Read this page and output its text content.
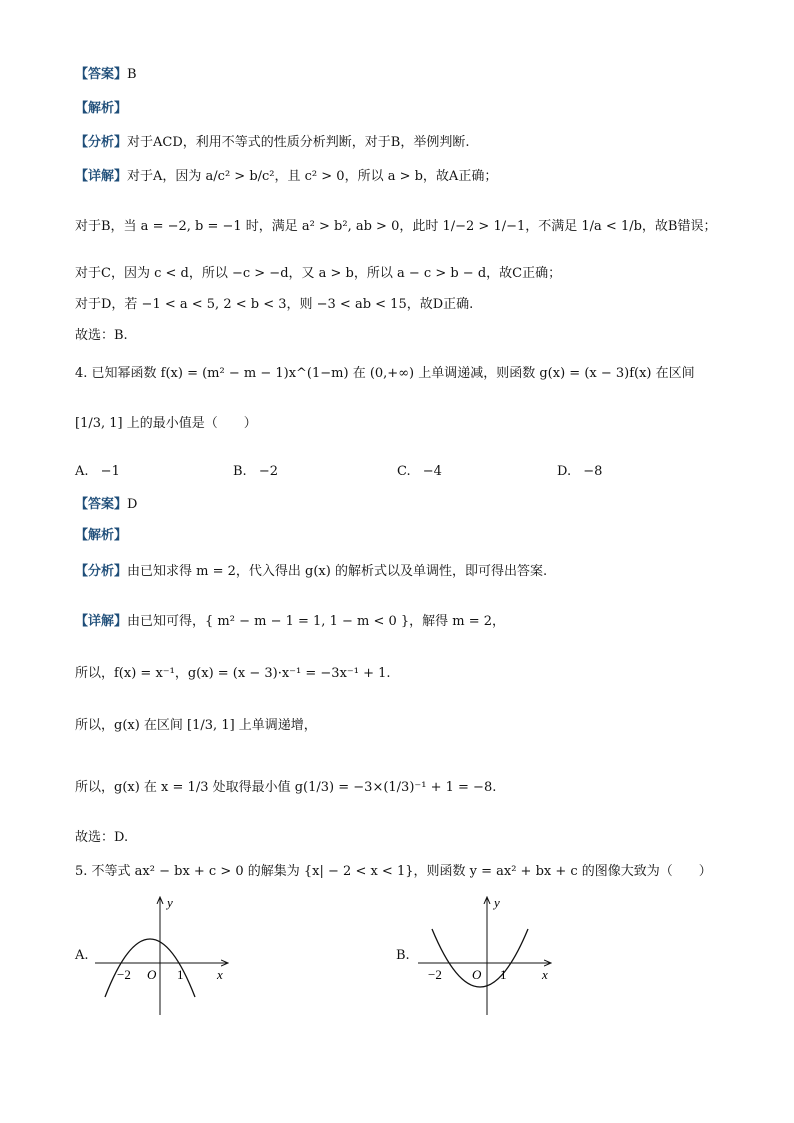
【答案】B
【解析】
【分析】对于ACD，利用不等式的性质分析判断，对于B，举例判断.
【详解】对于A，因为 a/c² > b/c²，且 c² > 0，所以 a > b，故A正确；
对于B，当 a = −2, b = −1 时，满足 a² > b², ab > 0，此时 1/−2 > 1/−1，不满足 1/a < 1/b，故B错误；
对于C，因为 c < d，所以 −c > −d，又 a > b，所以 a − c > b − d，故C正确；
对于D，若 −1 < a < 5, 2 < b < 3，则 −3 < ab < 15，故D正确.
故选：B.
4. 已知幂函数 f(x) = (m² − m − 1)x^(1−m) 在 (0,+∞) 上单调递减，则函数 g(x) = (x − 3)f(x) 在区间
[1/3, 1] 上的最小值是（　　）
A. −1	B. −2	C. −4	D. −8
【答案】D
【解析】
【分析】由已知求得 m = 2，代入得出 g(x) 的解析式以及单调性，即可得出答案.
【详解】由已知可得，{ m² − m − 1 = 1, 1 − m < 0 }，解得 m = 2，
所以，f(x) = x⁻¹，g(x) = (x − 3)·x⁻¹ = −3x⁻¹ + 1.
所以，g(x) 在区间 [1/3, 1] 上单调递增，
所以，g(x) 在 x = 1/3 处取得最小值 g(1/3) = −3×(1/3)⁻¹ + 1 = −8.
故选：D.
5. 不等式 ax² − bx + c > 0 的解集为 {x| − 2 < x < 1}，则函数 y = ax² + bx + c 的图像大致为（　　）
A.
y
x
O
−2	1
B.
y
x
O
−2	1
